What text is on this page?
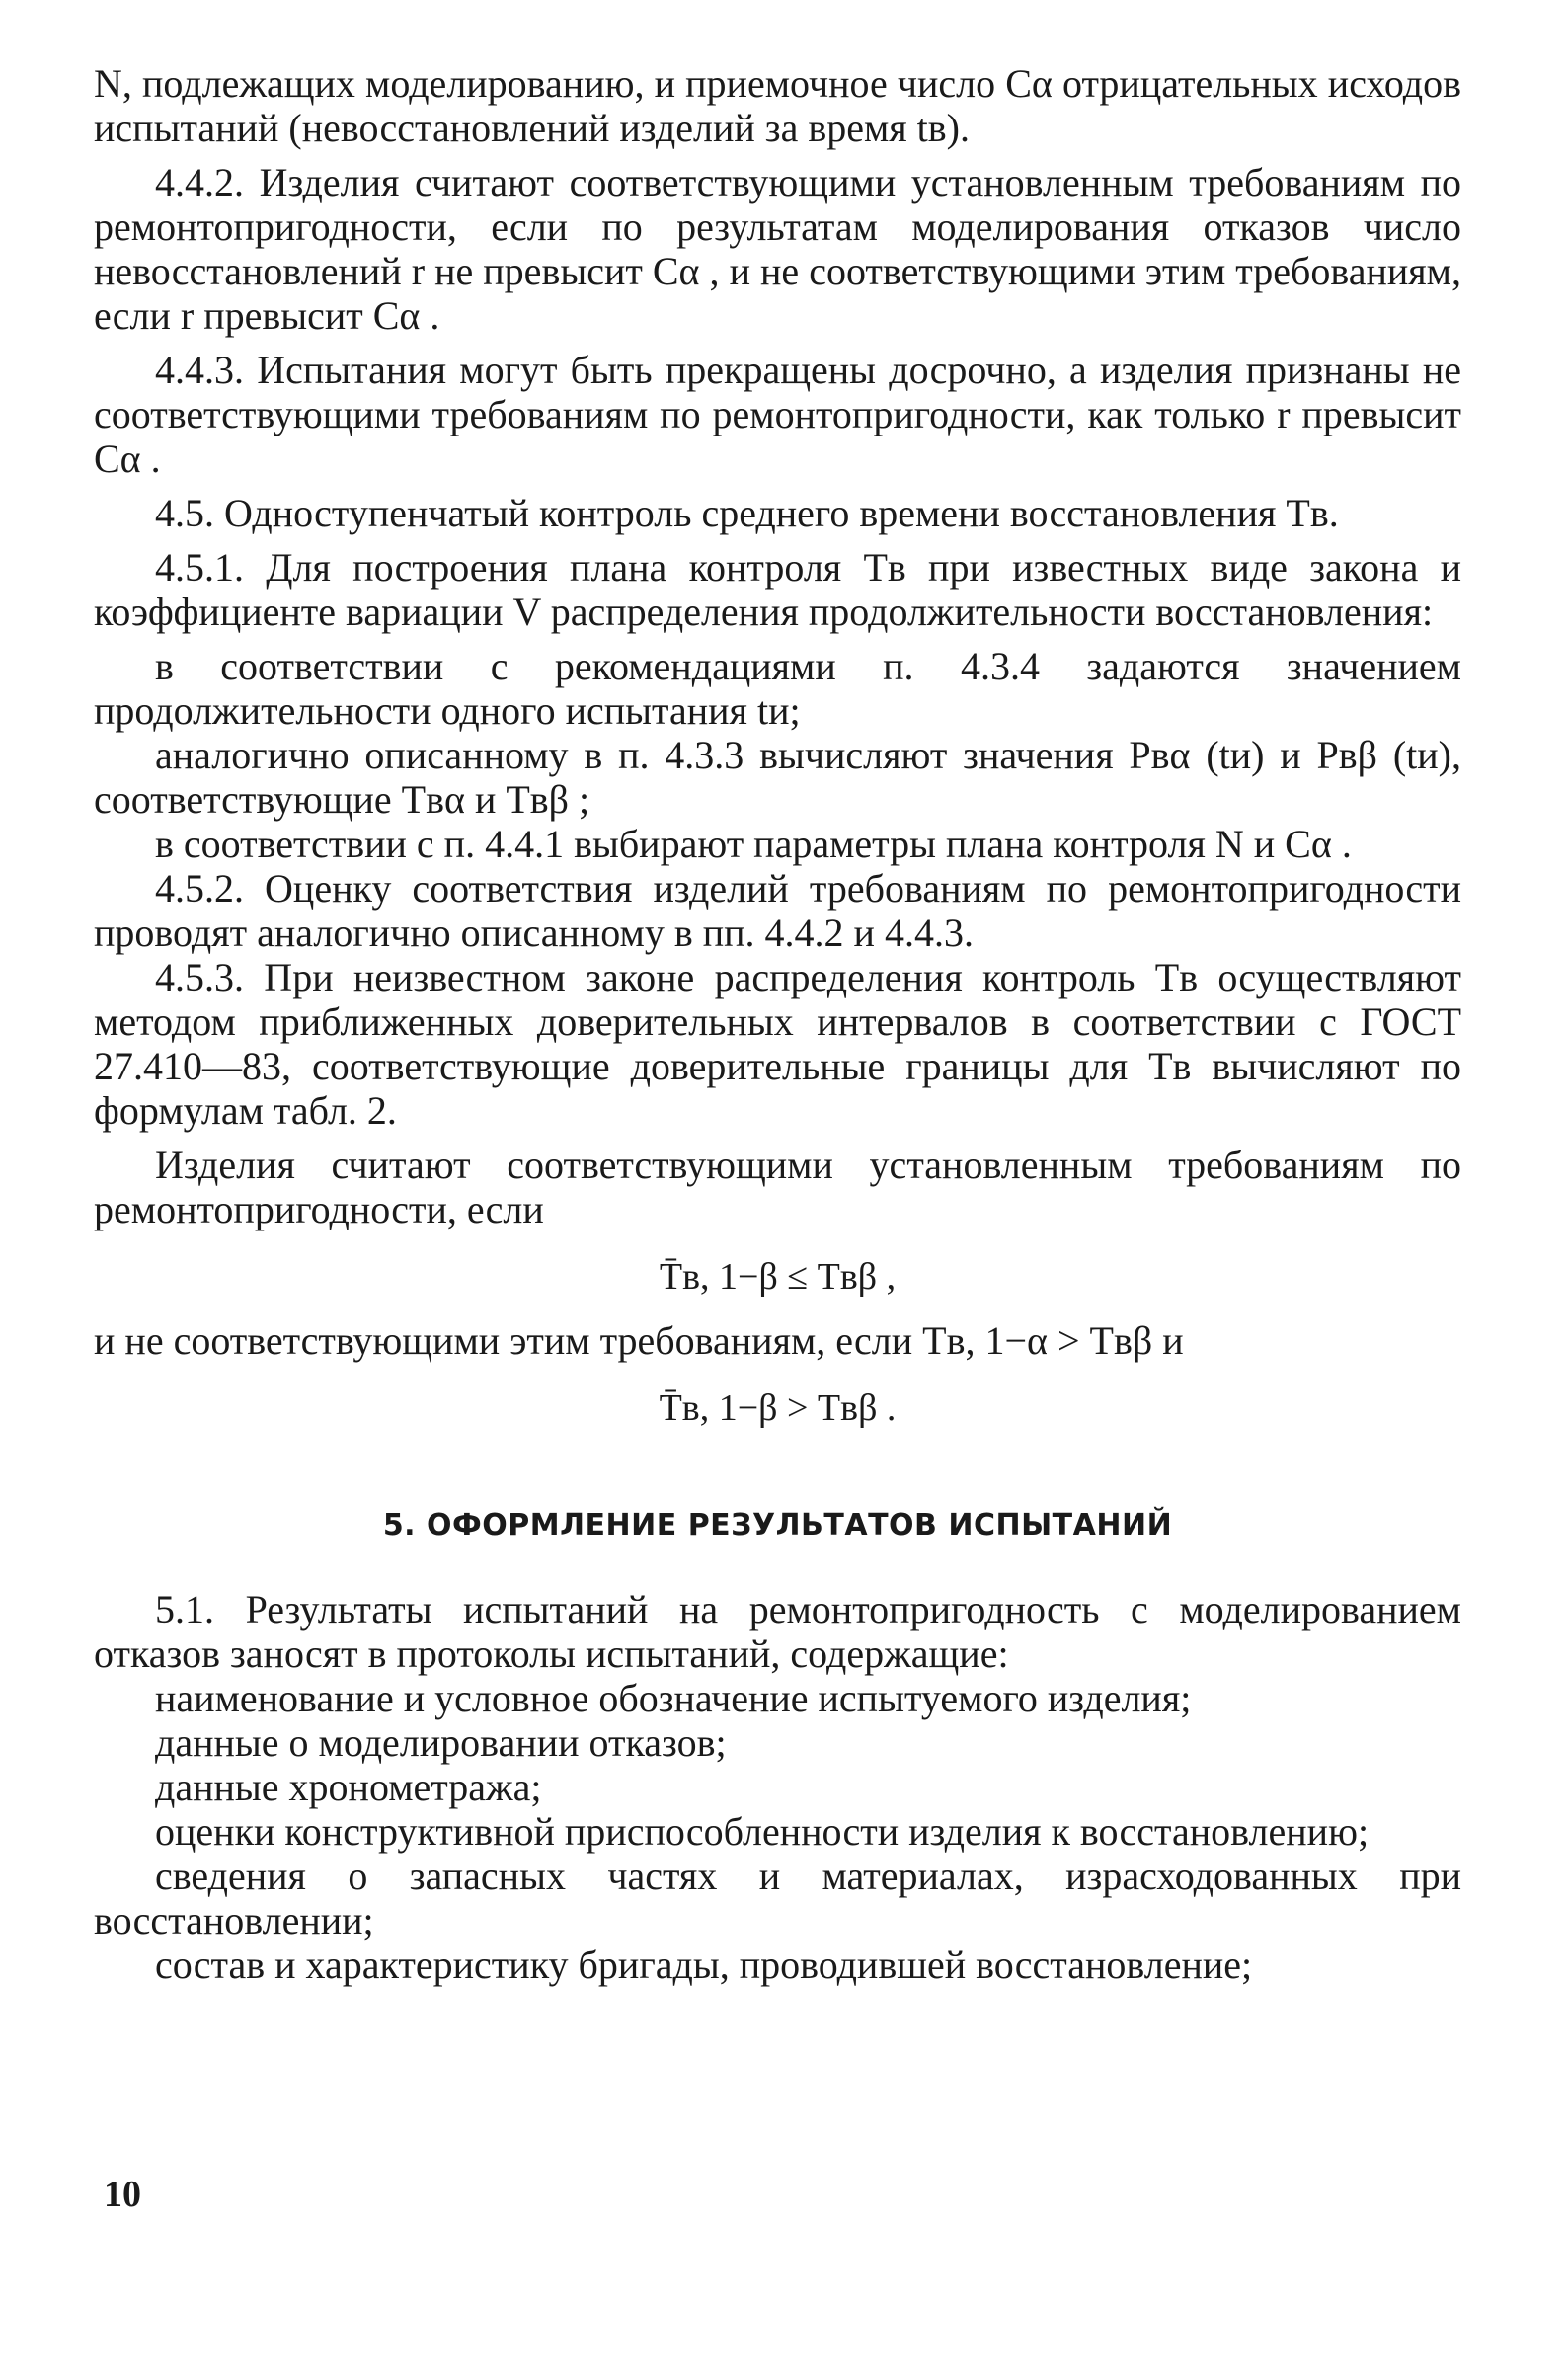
N, подлежащих моделированию, и приемочное число Cα отрицательных исходов испытаний (невосстановлений изделий за время tв).

4.4.2. Изделия считают соответствующими установленным требованиям по ремонтопригодности, если по результатам моделирования отказов число невосстановлений r не превысит Cα , и не соответствующими этим требованиям, если r превысит Cα .

4.4.3. Испытания могут быть прекращены досрочно, а изделия признаны не соответствующими требованиям по ремонтопригодности, как только r превысит Cα .

4.5. Одноступенчатый контроль среднего времени восстановления Tв.

4.5.1. Для построения плана контроля Tв при известных виде закона и коэффициенте вариации V распределения продолжительности восстановления:

в соответствии с рекомендациями п. 4.3.4 задаются значением продолжительности одного испытания tи;

аналогично описанному в п. 4.3.3 вычисляют значения Pвα (tи) и Pвβ (tи), соответствующие Tвα и Tвβ ;

в соответствии с п. 4.4.1 выбирают параметры плана контроля N и Cα .

4.5.2. Оценку соответствия изделий требованиям по ремонтопригодности проводят аналогично описанному в пп. 4.4.2 и 4.4.3.

4.5.3. При неизвестном законе распределения контроль Tв осуществляют методом приближенных доверительных интервалов в соответствии с ГОСТ 27.410—83, соответствующие доверительные границы для Tв вычисляют по формулам табл. 2.

Изделия считают соответствующими установленным требованиям по ремонтопригодности, если

T̄в, 1−β ≤ Tвβ ,

и не соответствующими этим требованиям, если Tв, 1−α > Tвβ и

T̄в, 1−β > Tвβ .
5. ОФОРМЛЕНИЕ РЕЗУЛЬТАТОВ ИСПЫТАНИЙ

5.1. Результаты испытаний на ремонтопригодность с моделированием отказов заносят в протоколы испытаний, содержащие:

наименование и условное обозначение испытуемого изделия;

данные о моделировании отказов;

данные хронометража;

оценки конструктивной приспособленности изделия к восстановлению;

сведения о запасных частях и материалах, израсходованных при восстановлении;

состав и характеристику бригады, проводившей восстановление;

10
